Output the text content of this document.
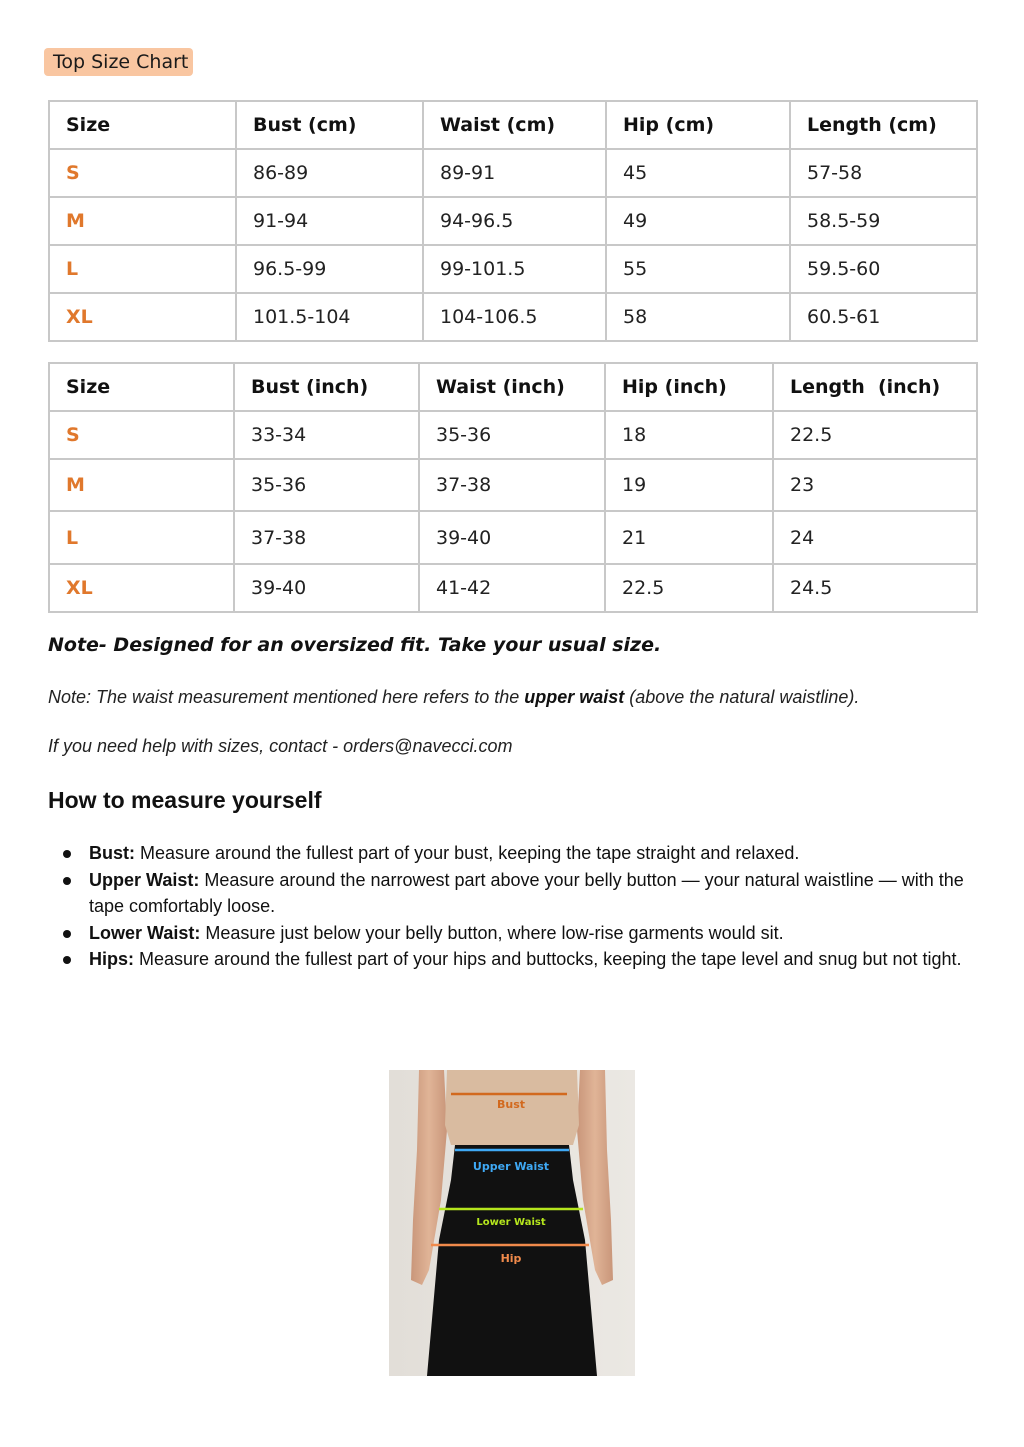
Top Size Chart
Size	Bust (cm)	Waist (cm)	Hip (cm)	Length (cm)
S	86-89	89-91	45	57-58
M	91-94	94-96.5	49	58.5-59
L	96.5-99	99-101.5	55	59.5-60
XL	101.5-104	104-106.5	58	60.5-61
Size	Bust (inch)	Waist (inch)	Hip (inch)	Length  (inch)
S	33-34	35-36	18	22.5
M	35-36	37-38	19	23
L	37-38	39-40	21	24
XL	39-40	41-42	22.5	24.5
Note- Designed for an oversized fit. Take your usual size.
Note: The waist measurement mentioned here refers to the upper waist (above the natural waistline).
If you need help with sizes, contact - orders@navecci.com
How to measure yourself
Bust: Measure around the fullest part of your bust, keeping the tape straight and relaxed.
Upper Waist: Measure around the narrowest part above your belly button — your natural waistline — with the tape comfortably loose.
Lower Waist: Measure just below your belly button, where low-rise garments would sit.
Hips: Measure around the fullest part of your hips and buttocks, keeping the tape level and snug but not tight.
Bust
Upper Waist
Lower Waist
Hip
